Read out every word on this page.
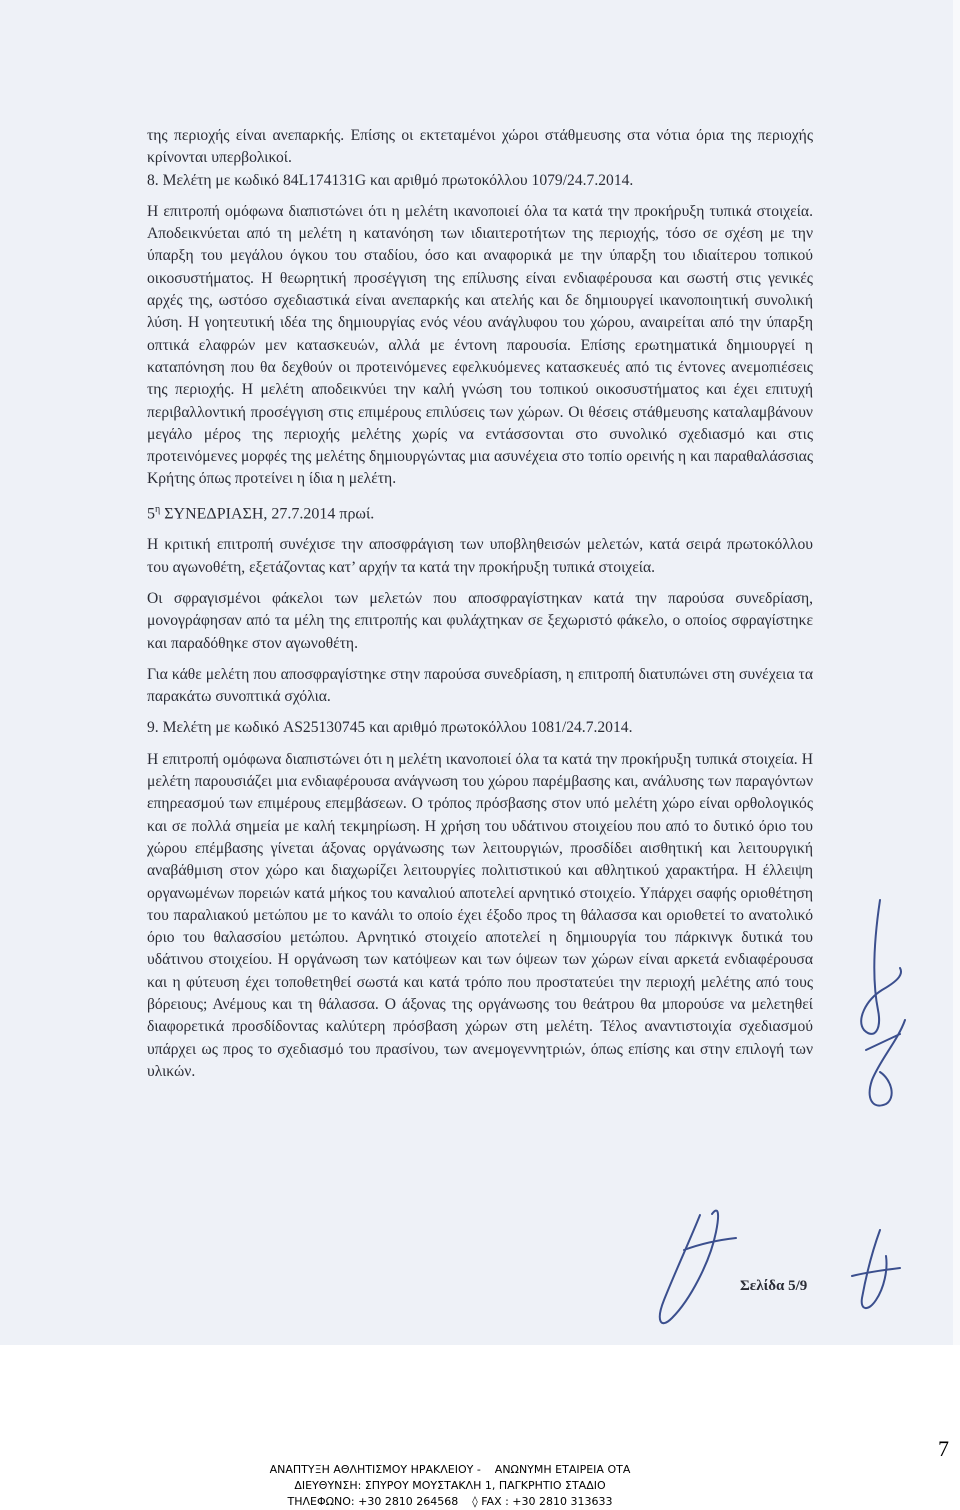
της περιοχής είναι ανεπαρκής. Επίσης οι εκτεταμένοι χώροι στάθμευσης στα νότια όρια της περιοχής κρίνονται υπερβολικοί.

8. Μελέτη με κωδικό 84L174131G και αριθμό πρωτοκόλλου 1079/24.7.2014.

Η επιτροπή ομόφωνα διαπιστώνει ότι η μελέτη ικανοποιεί όλα τα κατά την προκήρυξη τυπικά στοιχεία. Αποδεικνύεται από τη μελέτη η κατανόηση των ιδιαιτεροτήτων της περιοχής, τόσο σε σχέση με την ύπαρξη του μεγάλου όγκου του σταδίου, όσο και αναφορικά με την ύπαρξη του ιδιαίτερου τοπικού οικοσυστήματος. Η θεωρητική προσέγγιση της επίλυσης είναι ενδιαφέρουσα και σωστή στις γενικές αρχές της, ωστόσο σχεδιαστικά είναι ανεπαρκής και ατελής και δε δημιουργεί ικανοποιητική συνολική λύση. Η γοητευτική ιδέα της δημιουργίας ενός νέου ανάγλυφου του χώρου, αναιρείται από την ύπαρξη οπτικά ελαφρών μεν κατασκευών, αλλά με έντονη παρουσία. Επίσης ερωτηματικά δημιουργεί η καταπόνηση που θα δεχθούν οι προτεινόμενες εφελκυόμενες κατασκευές από τις έντονες ανεμοπιέσεις της περιοχής. Η μελέτη αποδεικνύει την καλή γνώση του τοπικού οικοσυστήματος και έχει επιτυχή περιβαλλοντική προσέγγιση στις επιμέρους επιλύσεις των χώρων. Οι θέσεις στάθμευσης καταλαμβάνουν μεγάλο μέρος της περιοχής μελέτης χωρίς να εντάσσονται στο συνολικό σχεδιασμό και στις προτεινόμενες μορφές της μελέτης δημιουργώντας μια ασυνέχεια στο τοπίο ορεινής η και παραθαλάσσιας Κρήτης όπως προτείνει η ίδια η μελέτη.

$5^\eta$ ΣΥΝΕΔΡΙΑΣΗ, 27.7.2014 πρωί.

Η κριτική επιτροπή συνέχισε την αποσφράγιση των υποβληθεισών μελετών, κατά σειρά πρωτοκόλλου του αγωνοθέτη, εξετάζοντας κατ’ αρχήν τα κατά την προκήρυξη τυπικά στοιχεία.

Οι σφραγισμένοι φάκελοι των μελετών που αποσφραγίστηκαν κατά την παρούσα συνεδρίαση, μονογράφησαν από τα μέλη της επιτροπής και φυλάχτηκαν σε ξεχωριστό φάκελο, ο οποίος σφραγίστηκε και παραδόθηκε στον αγωνοθέτη.

Για κάθε μελέτη που αποσφραγίστηκε στην παρούσα συνεδρίαση, η επιτροπή διατυπώνει στη συνέχεια τα παρακάτω συνοπτικά σχόλια.

9. Μελέτη με κωδικό AS25130745 και αριθμό πρωτοκόλλου 1081/24.7.2014.

Η επιτροπή ομόφωνα διαπιστώνει ότι η μελέτη ικανοποιεί όλα τα κατά την προκήρυξη τυπικά στοιχεία. Η μελέτη παρουσιάζει μια ενδιαφέρουσα ανάγνωση του χώρου παρέμβασης και, ανάλυσης των παραγόντων επηρεασμού των επιμέρους επεμβάσεων. Ο τρόπος πρόσβασης στον υπό μελέτη χώρο είναι ορθολογικός και σε πολλά σημεία με καλή τεκμηρίωση. Η χρήση του υδάτινου στοιχείου που από το δυτικό όριο του χώρου επέμβασης γίνεται άξονας οργάνωσης των λειτουργιών, προσδίδει αισθητική και λειτουργική αναβάθμιση στον χώρο και διαχωρίζει λειτουργίες πολιτιστικού και αθλητικού χαρακτήρα. Η έλλειψη οργανωμένων πορειών κατά μήκος του καναλιού αποτελεί αρνητικό στοιχείο. Υπάρχει σαφής οριοθέτηση του παραλιακού μετώπου με το κανάλι το οποίο έχει έξοδο προς τη θάλασσα και οριοθετεί το ανατολικό όριο του θαλασσίου μετώπου. Αρνητικό στοιχείο αποτελεί η δημιουργία του πάρκινγκ δυτικά του υδάτινου στοιχείου. Η οργάνωση των κατόψεων και των όψεων των χώρων είναι αρκετά ενδιαφέρουσα και η φύτευση έχει τοποθετηθεί σωστά και κατά τρόπο που προστατεύει την περιοχή μελέτης από τους βόρειους; Ανέμους και τη θάλασσα. Ο άξονας της οργάνωσης του θεάτρου θα μπορούσε να μελετηθεί διαφορετικά προσδίδοντας καλύτερη πρόσβαση χώρων στη μελέτη. Τέλος αναντιστοιχία σχεδιασμού υπάρχει ως προς το σχεδιασμό του πρασίνου, των ανεμογεννητριών, όπως επίσης και στην επιλογή των υλικών.

Σελίδα 5/9
7
ΑΝΑΠΤΥΞΗ ΑΘΛΗΤΙΣΜΟΥ ΗΡΑΚΛΕΙΟΥ - ΑΝΩΝΥΜΗ ΕΤΑΙΡΕΙΑ ΟΤΑ
ΔΙΕΥΘΥΝΣΗ: ΣΠΥΡΟΥ ΜΟΥΣΤΑΚΛΗ 1, ΠΑΓΚΡΗΤΙΟ ΣΤΑΔΙΟ
ΤΗΛΕΦΩΝΟ: +30 2810 264568 ◊ FAX : +30 2810 313633
